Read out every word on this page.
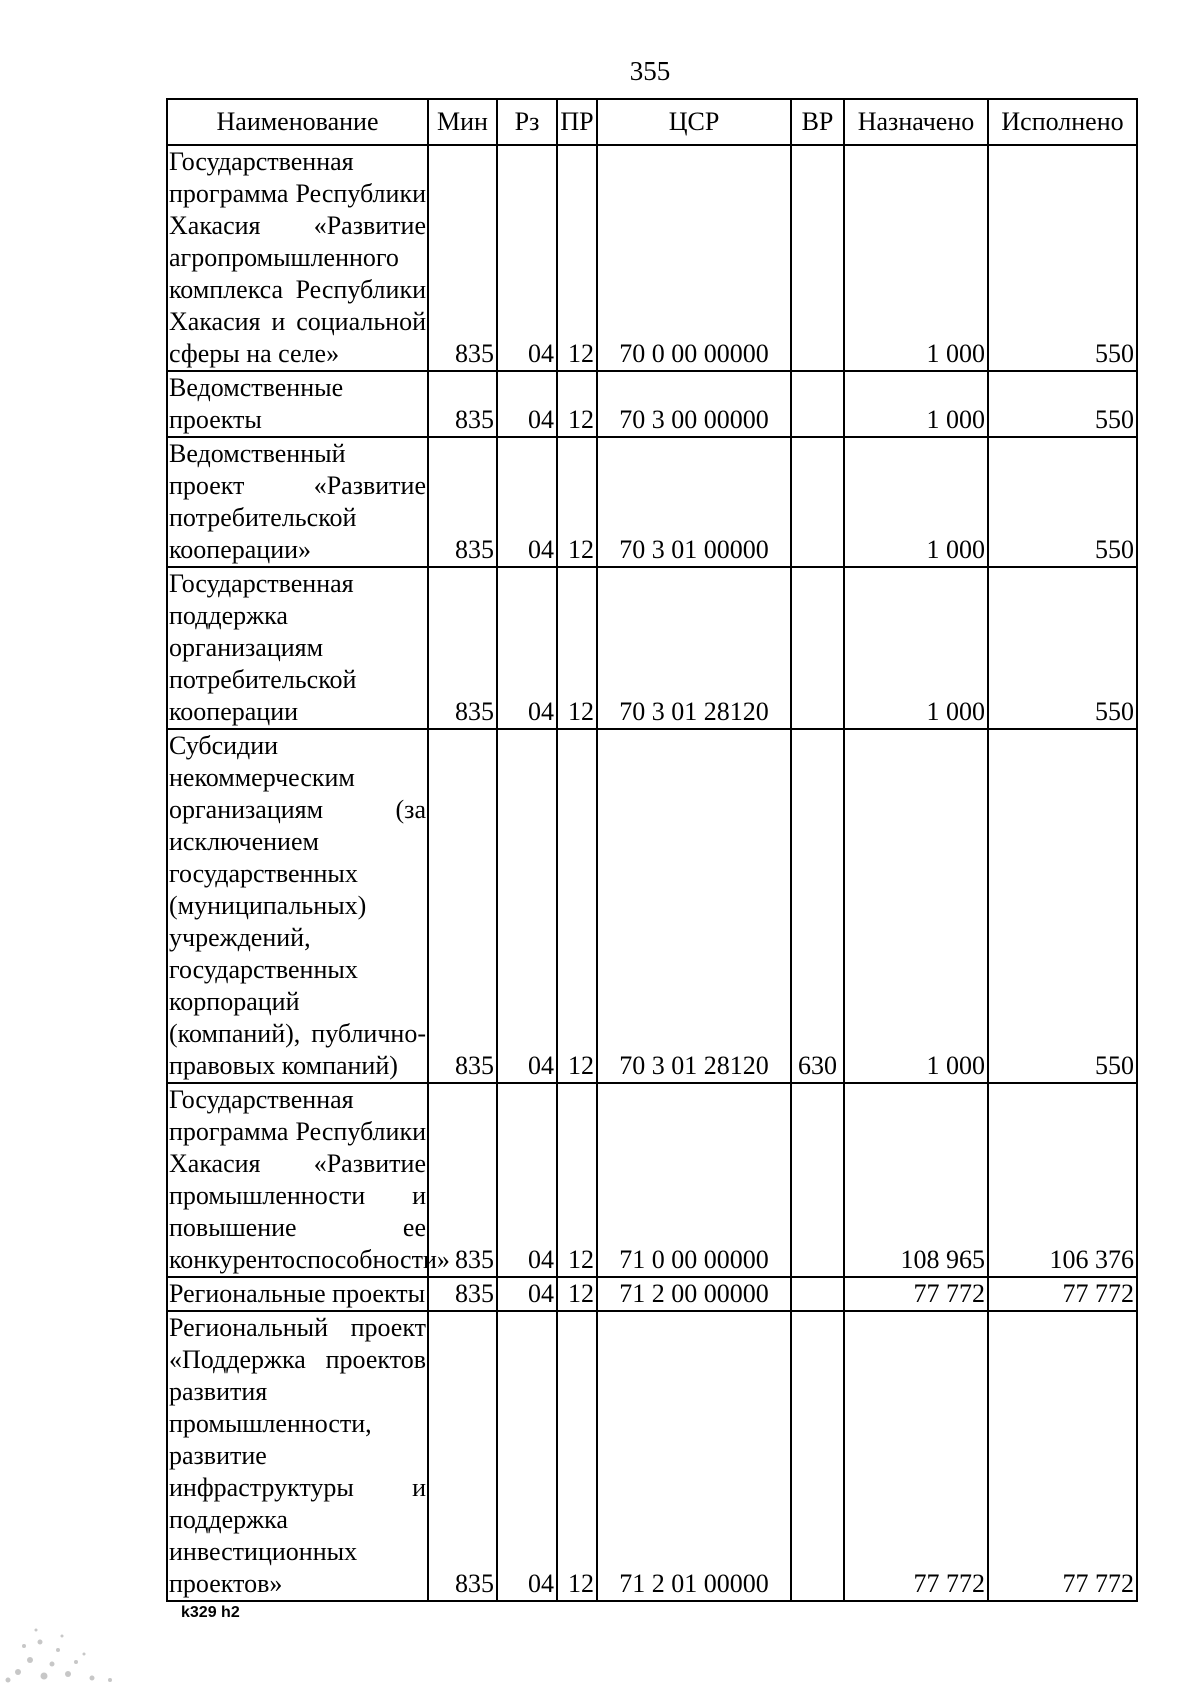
355
Наименование	Мин	Рз	ПР	ЦСР	ВР	Назначено	Исполнено
Государственная программа Республики Хакасия «Развитие агропромышленного комплекса Республики Хакасия и социальной сферы на селе»	835	04	12	70 0 00 00000		1 000	550
Ведомственные проекты	835	04	12	70 3 00 00000		1 000	550
Ведомственный проект «Развитие потребительской кооперации»	835	04	12	70 3 01 00000		1 000	550
Государственная поддержка организациям потребительской кооперации	835	04	12	70 3 01 28120		1 000	550
Субсидии некоммерческим организациям (за исключением государственных (муниципальных) учреждений, государственных корпораций (компаний), публично-правовых компаний)	835	04	12	70 3 01 28120	630	1 000	550
Государственная программа Республики Хакасия «Развитие промышленности и повышение ее конкурентоспособности»	835	04	12	71 0 00 00000		108 965	106 376
Региональные проекты	835	04	12	71 2 00 00000		77 772	77 772
Региональный проект «Поддержка проектов развития промышленности, развитие инфраструктуры и поддержка инвестиционных проектов»	835	04	12	71 2 01 00000		77 772	77 772
k329 h2
